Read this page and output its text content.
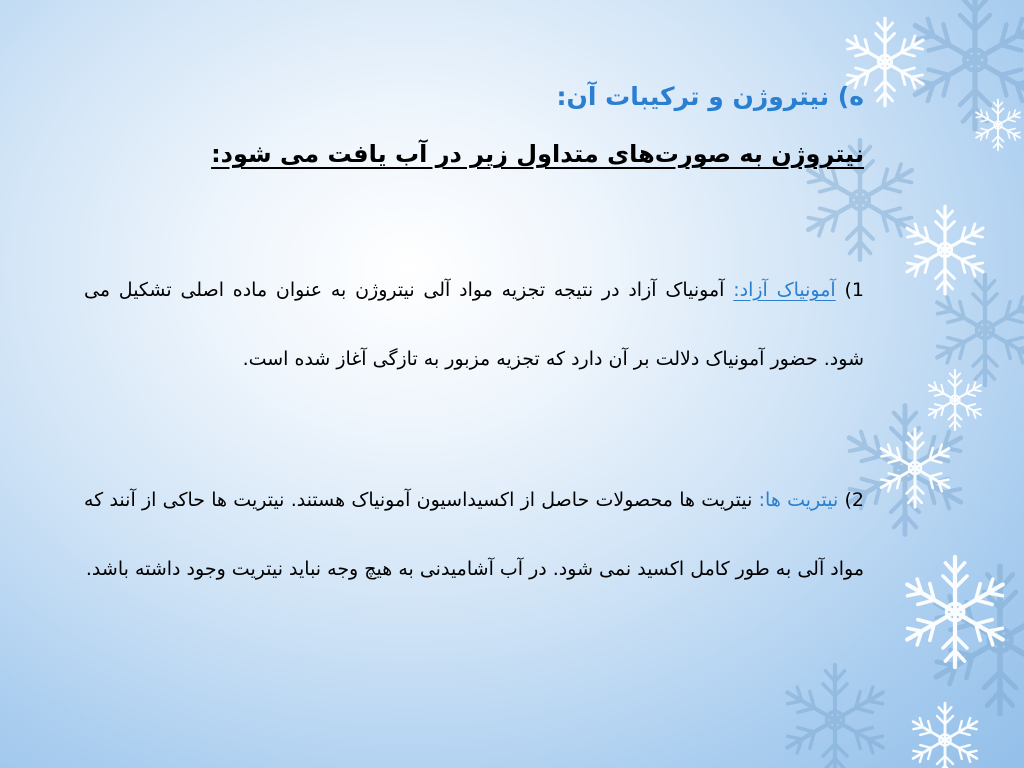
ه) نیتروژن و ترکیبات آن:
نیتروژن به صورت‌های متداول زیر در آب یافت می شود:
1) آمونیاک آزاد: آمونیاک آزاد در نتیجه تجزیه مواد آلی نیتروژن به عنوان ماده اصلی تشکیل می شود. حضور آمونیاک دلالت بر آن دارد که تجزیه مزبور به تازگی آغاز شده است.
2) نیتریت ها: نیتریت ها محصولات حاصل از اکسیداسیون آمونیاک هستند. نیتریت ها حاکی از آنند که مواد آلی به طور کامل اکسید نمی شود. در آب آشامیدنی به هیچ وجه نباید نیتریت وجود داشته باشد.
